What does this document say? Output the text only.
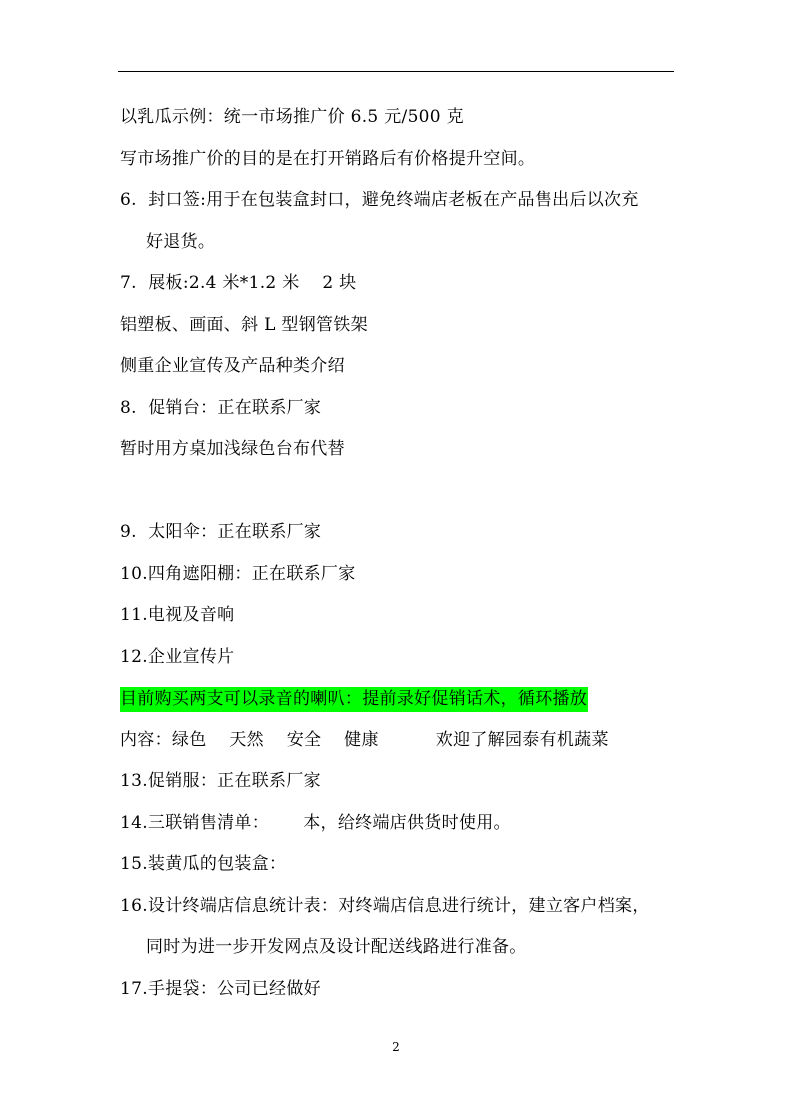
以乳瓜示例：统一市场推广价 6.5 元/500 克
写市场推广价的目的是在打开销路后有价格提升空间。
6.  封口签:用于在包装盒封口，避免终端店老板在产品售出后以次充
好退货。
7.  展板:2.4 米*1.2 米    2 块
铝塑板、画面、斜 L 型钢管铁架
侧重企业宣传及产品种类介绍
8.  促销台：正在联系厂家
暂时用方桌加浅绿色台布代替
9.  太阳伞：正在联系厂家
10.四角遮阳棚：正在联系厂家
11.电视及音响
12.企业宣传片
目前购买两支可以录音的喇叭：提前录好促销话术，循环播放
内容：绿色    天然    安全    健康          欢迎了解园泰有机蔬菜
13.促销服：正在联系厂家
14.三联销售清单：      本，给终端店供货时使用。
15.装黄瓜的包装盒：
16.设计终端店信息统计表：对终端店信息进行统计，建立客户档案，
同时为进一步开发网点及设计配送线路进行准备。
17.手提袋：公司已经做好
2
